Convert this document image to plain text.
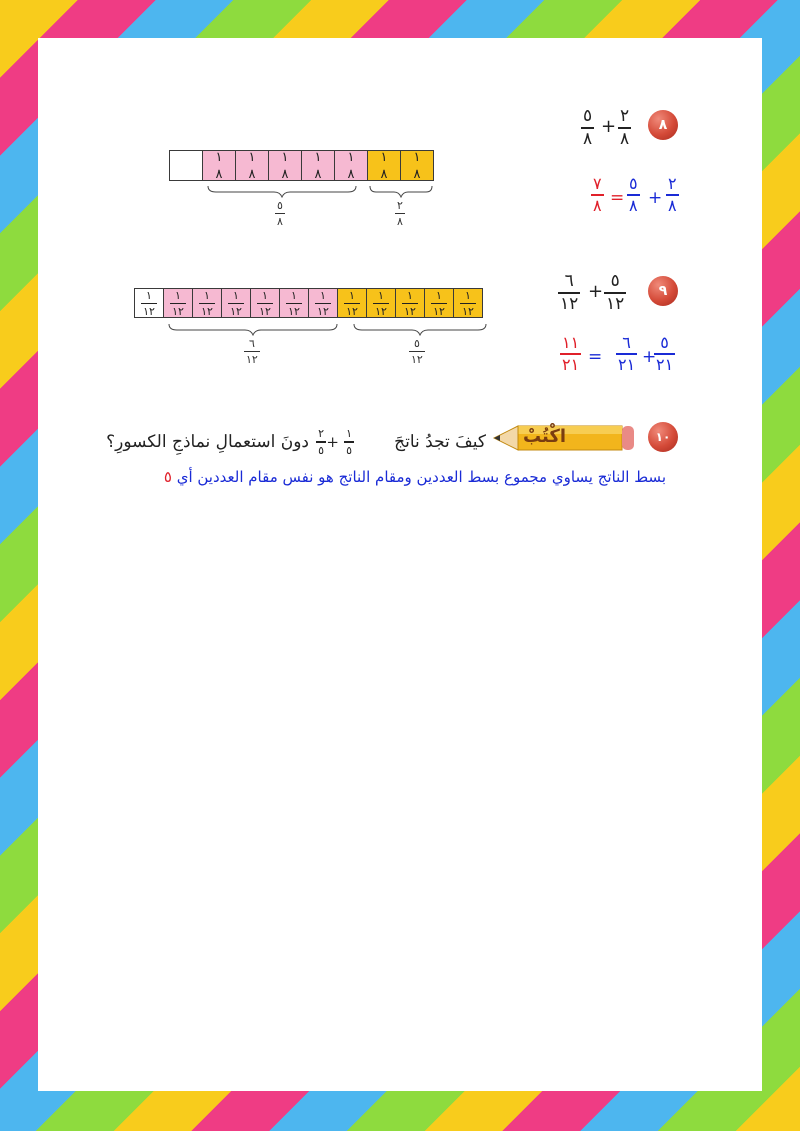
٨
٢
٨
+
٥
٨
١
٨
١
٨
١
٨
١
٨
١
٨
١
٨
١
٨
٥
٨
٢
٨
٢
٨
+
٥
٨
=
٧
٨
٩
٥
١٢
+
٦
١٢
١
١٢
١
١٢
١
١٢
١
١٢
١
١٢
١
١٢
١
١٢
١
١٢
١
١٢
١
١٢
١
١٢
١
١٢
٦
١٢
٥
١٢
٥
٢١
+
٦
٢١
=
١١
٢١
١٠
اكْتُبْ
كيفَ تجدُ ناتجَ
١
٥
+
٢
٥
دونَ استعمالِ نماذجِ الكسورِ؟
بسط الناتج يساوي مجموع بسط العددين ومقام الناتج هو نفس مقام العددين أي ٥
